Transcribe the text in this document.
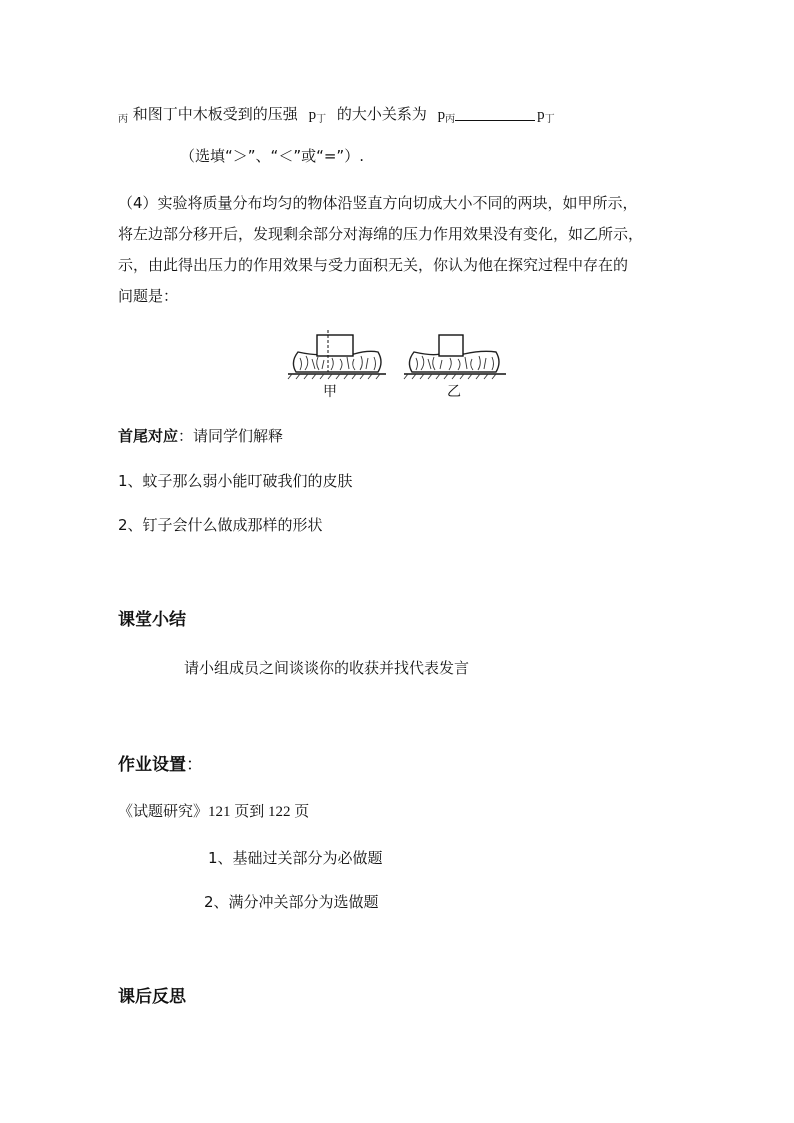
$_丙$ 和图丁中木板受到的压强 $p_丁$ 的大小关系为 $p_丙$	$p_丁$
（选填“＞”、“＜”或“=”）.
（4）实验将质量分布均匀的物体沿竖直方向切成大小不同的两块，如甲所示，
将左边部分移开后，发现剩余部分对海绵的压力作用效果没有变化，如乙所示，
示，由此得出压力的作用效果与受力面积无关，你认为他在探究过程中存在的
问题是：
甲	乙
首尾对应：请同学们解释
1、蚊子那么弱小能叮破我们的皮肤
2、钉子会什么做成那样的形状
课堂小结
请小组成员之间谈谈你的收获并找代表发言
作业设置：
《试题研究》121 页到 122 页
1、基础过关部分为必做题
2、满分冲关部分为选做题
课后反思
